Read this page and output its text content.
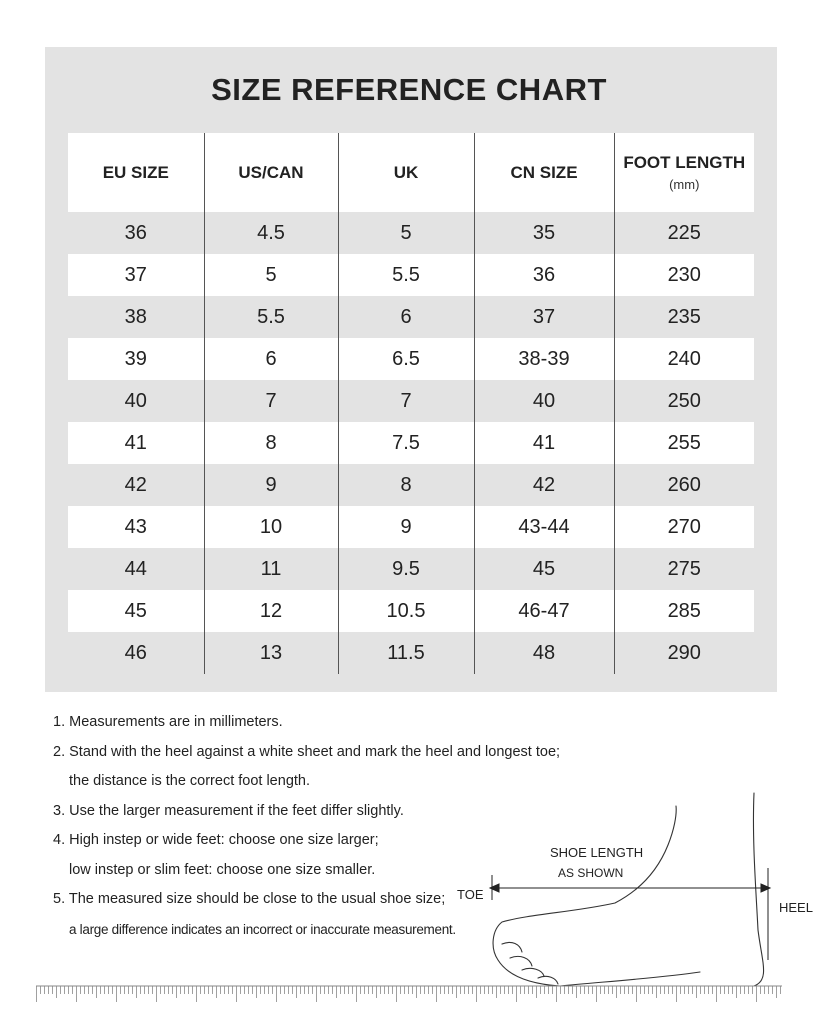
SIZE REFERENCE CHART
EU SIZE	US/CAN	UK	CN SIZE	FOOT LENGTH
(mm)

36	4.5	5	35	225
37	5	5.5	36	230
38	5.5	6	37	235
39	6	6.5	38-39	240
40	7	7	40	250
41	8	7.5	41	255
42	9	8	42	260
43	10	9	43-44	270
44	11	9.5	45	275
45	12	10.5	46-47	285
46	13	11.5	48	290
1. Measurements are in millimeters.
2. Stand with the heel against a white sheet and mark the heel and longest toe;
the distance is the correct foot length.
3. Use the larger measurement if the feet differ slightly.
4. High instep or wide feet: choose one size larger;
low instep or slim feet: choose one size smaller.
5. The measured size should be close to the usual shoe size;
a large difference indicates an incorrect or inaccurate measurement.
SHOE LENGTH
AS SHOWN
TOE
HEEL
